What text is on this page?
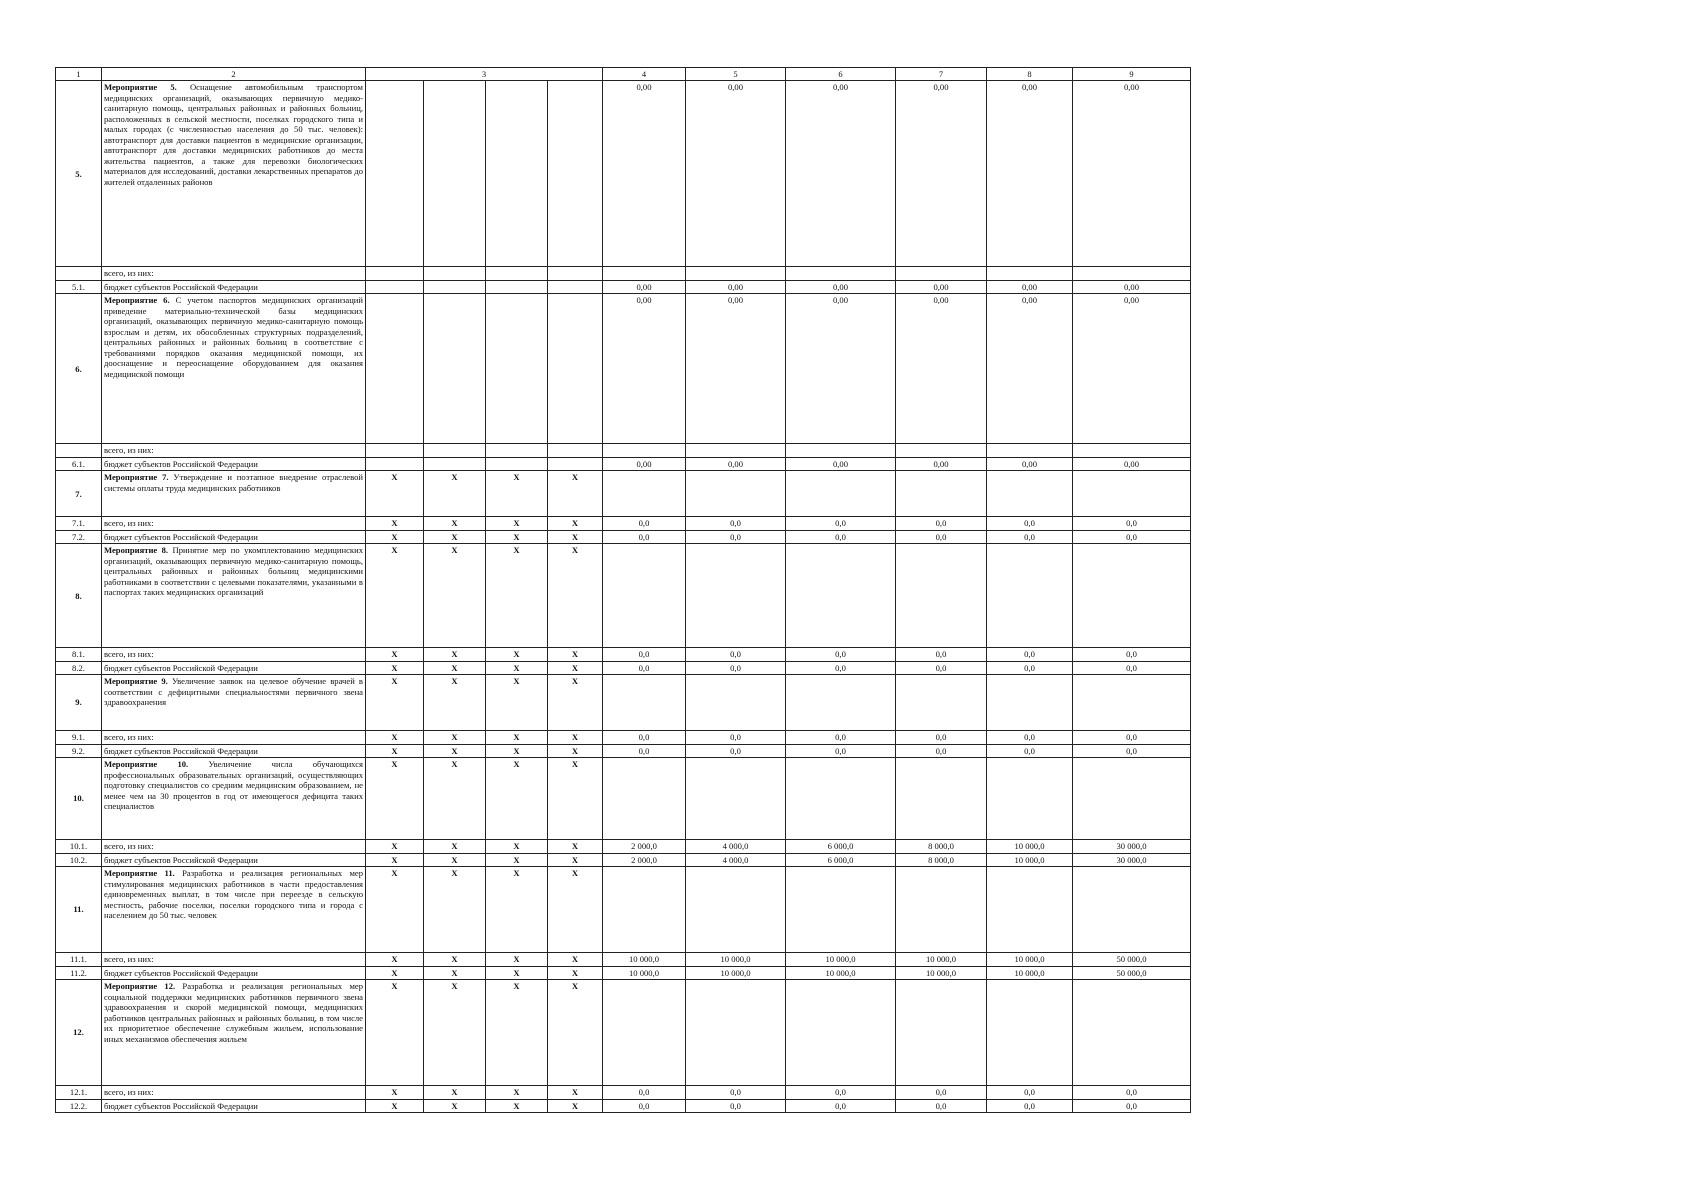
1	2	3				4	5	6	7	8	9
5.	Мероприятие 5. Оснащение автомобильным транспортом медицинских организаций, оказывающих первичную медико-санитарную помощь, центральных районных и районных больниц, расположенных в сельской местности, поселках городского типа и малых городах (с численностью населения до 50 тыс. человек): автотранспорт для доставки пациентов в медицинские организации, автотранспорт для доставки медицинских работников до места жительства пациентов, а также для перевозки биологических материалов для исследований, доставки лекарственных препаратов до жителей отдаленных районов					0,00	0,00	0,00	0,00	0,00	0,00
	всего, из них:										
5.1.	бюджет субъектов Российской Федерации					0,00	0,00	0,00	0,00	0,00	0,00
6.	Мероприятие 6. С учетом паспортов медицинских организаций приведение материально-технической базы медицинских организаций, оказывающих первичную медико-санитарную помощь взрослым и детям, их обособленных структурных подразделений, центральных районных и районных больниц в соответствие с требованиями порядков оказания медицинской помощи, их дооснащение и переоснащение оборудованием для оказания медицинской помощи					0,00	0,00	0,00	0,00	0,00	0,00
	всего, из них:										
6.1.	бюджет субъектов Российской Федерации					0,00	0,00	0,00	0,00	0,00	0,00
7.	Мероприятие 7. Утверждение и поэтапное внедрение отраслевой системы оплаты труда медицинских работников	X	X	X	X						
7.1.	всего, из них:	X	X	X	X	0,0	0,0	0,0	0,0	0,0	0,0
7.2.	бюджет субъектов Российской Федерации	X	X	X	X	0,0	0,0	0,0	0,0	0,0	0,0
8.	Мероприятие 8. Принятие мер по укомплектованию медицинских организаций, оказывающих первичную медико-санитарную помощь, центральных районных и районных больниц медицинскими работниками в соответствии с целевыми показателями, указанными в паспортах таких медицинских организаций	X	X	X	X						
8.1.	всего, из них:	X	X	X	X	0,0	0,0	0,0	0,0	0,0	0,0
8.2.	бюджет субъектов Российской Федерации	X	X	X	X	0,0	0,0	0,0	0,0	0,0	0,0
9.	Мероприятие 9. Увеличение заявок на целевое обучение врачей в соответствии с дефицитными специальностями первичного звена здравоохранения	X	X	X	X						
9.1.	всего, из них:	X	X	X	X	0,0	0,0	0,0	0,0	0,0	0,0
9.2.	бюджет субъектов Российской Федерации	X	X	X	X	0,0	0,0	0,0	0,0	0,0	0,0
10.	Мероприятие 10. Увеличение числа обучающихся профессиональных образовательных организаций, осуществляющих подготовку специалистов со средним медицинским образованием, не менее чем на 30 процентов в год от имеющегося дефицита таких специалистов	X	X	X	X						
10.1.	всего, из них:	X	X	X	X	2 000,0	4 000,0	6 000,0	8 000,0	10 000,0	30 000,0
10.2.	бюджет субъектов Российской Федерации	X	X	X	X	2 000,0	4 000,0	6 000,0	8 000,0	10 000,0	30 000,0
11.	Мероприятие 11. Разработка и реализация региональных мер стимулирования медицинских работников в части предоставления единовременных выплат, в том числе при переезде в сельскую местность, рабочие поселки, поселки городского типа и города с населением до 50 тыс. человек	X	X	X	X						
11.1.	всего, из них:	X	X	X	X	10 000,0	10 000,0	10 000,0	10 000,0	10 000,0	50 000,0
11.2.	бюджет субъектов Российской Федерации	X	X	X	X	10 000,0	10 000,0	10 000,0	10 000,0	10 000,0	50 000,0
12.	Мероприятие 12. Разработка и реализация региональных мер социальной поддержки медицинских работников первичного звена здравоохранения и скорой медицинской помощи, медицинских работников центральных районных и районных больниц, в том числе их приоритетное обеспечение служебным жильем, использование иных механизмов обеспечения жильем	X	X	X	X						
12.1.	всего, из них:	X	X	X	X	0,0	0,0	0,0	0,0	0,0	0,0
12.2.	бюджет субъектов Российской Федерации	X	X	X	X	0,0	0,0	0,0	0,0	0,0	0,0
